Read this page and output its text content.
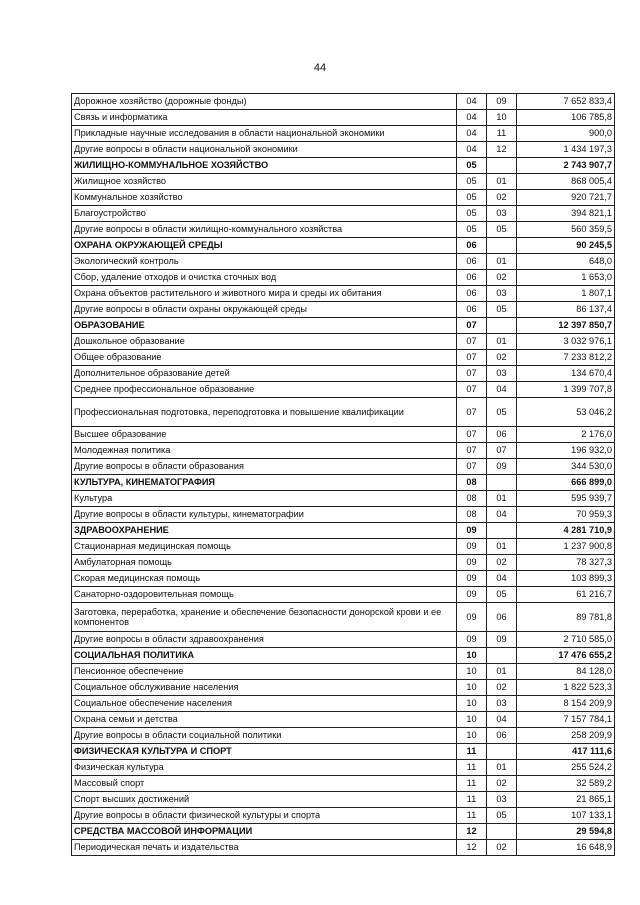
44
Дорожное хозяйство (дорожные фонды)	04	09	7 652 833,4
Связь и информатика	04	10	106 785,8
Прикладные научные исследования в области национальной экономики	04	11	900,0
Другие вопросы в области национальной экономики	04	12	1 434 197,3
ЖИЛИЩНО-КОММУНАЛЬНОЕ ХОЗЯЙСТВО	05		2 743 907,7
Жилищное хозяйство	05	01	868 005,4
Коммунальное хозяйство	05	02	920 721,7
Благоустройство	05	03	394 821,1
Другие вопросы в области жилищно-коммунального хозяйства	05	05	560 359,5
ОХРАНА ОКРУЖАЮЩЕЙ СРЕДЫ	06		90 245,5
Экологический контроль	06	01	648,0
Сбор, удаление отходов и очистка сточных вод	06	02	1 653,0
Охрана объектов растительного и животного мира и среды их обитания	06	03	1 807,1
Другие вопросы в области охраны окружающей среды	06	05	86 137,4
ОБРАЗОВАНИЕ	07		12 397 850,7
Дошкольное образование	07	01	3 032 976,1
Общее образование	07	02	7 233 812,2
Дополнительное образование детей	07	03	134 670,4
Среднее профессиональное образование	07	04	1 399 707,8
Профессиональная подготовка, переподготовка и повышение квалификации	07	05	53 046,2
Высшее образование	07	06	2 176,0
Молодежная политика	07	07	196 932,0
Другие вопросы в области образования	07	09	344 530,0
КУЛЬТУРА, КИНЕМАТОГРАФИЯ	08		666 899,0
Культура	08	01	595 939,7
Другие вопросы в области культуры, кинематографии	08	04	70 959,3
ЗДРАВООХРАНЕНИЕ	09		4 281 710,9
Стационарная медицинская помощь	09	01	1 237 900,8
Амбулаторная помощь	09	02	78 327,3
Скорая медицинская помощь	09	04	103 899,3
Санаторно-оздоровительная помощь	09	05	61 216,7
Заготовка, переработка, хранение и обеспечение безопасности донорской крови и ее компонентов	09	06	89 781,8
Другие вопросы в области здравоохранения	09	09	2 710 585,0
СОЦИАЛЬНАЯ ПОЛИТИКА	10		17 476 655,2
Пенсионное обеспечение	10	01	84 128,0
Социальное обслуживание населения	10	02	1 822 523,3
Социальное обеспечение населения	10	03	8 154 209,9
Охрана семьи и детства	10	04	7 157 784,1
Другие вопросы в области социальной политики	10	06	258 209,9
ФИЗИЧЕСКАЯ КУЛЬТУРА И СПОРТ	11		417 111,6
Физическая культура	11	01	255 524,2
Массовый спорт	11	02	32 589,2
Спорт высших достижений	11	03	21 865,1
Другие вопросы в области физической культуры и спорта	11	05	107 133,1
СРЕДСТВА МАССОВОЙ ИНФОРМАЦИИ	12		29 594,8
Периодическая печать и издательства	12	02	16 648,9
